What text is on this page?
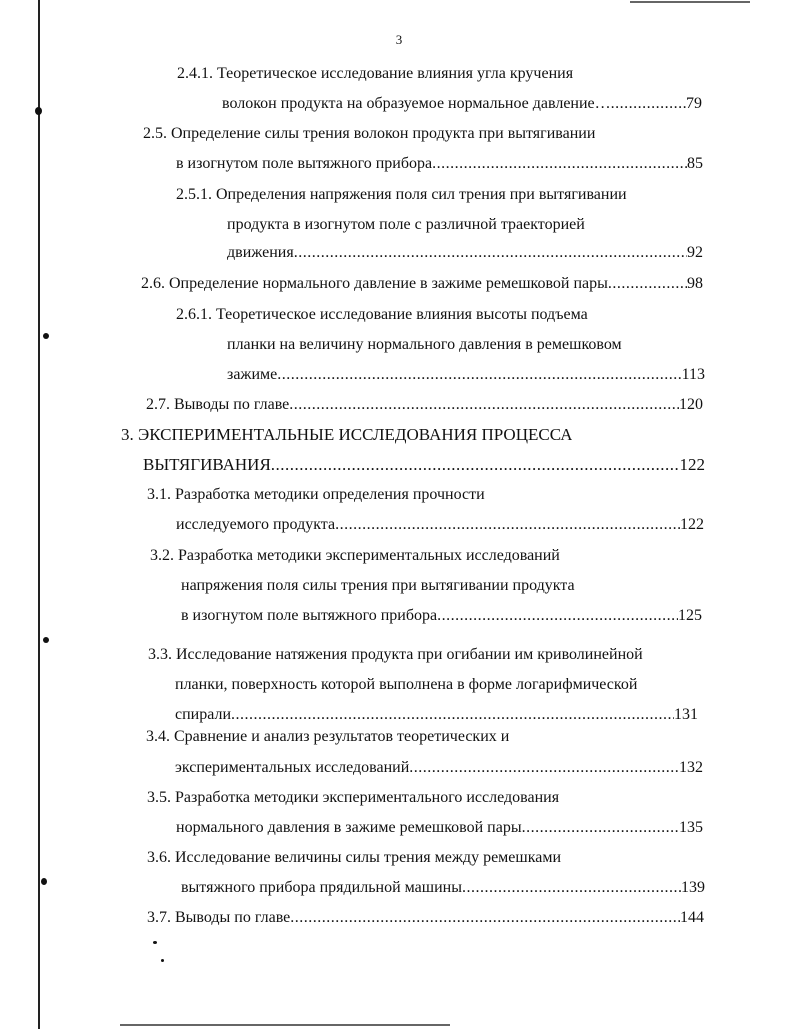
3
2.4.1. Теоретическое исследование влияния угла кручения
волокон продукта на образуемое нормальное давление… .....	79
2.5. Определение силы трения волокон продукта при вытягивании
в изогнутом поле вытяжного прибора .....	85
2.5.1. Определения напряжения поля сил трения при вытягивании
продукта в изогнутом поле с различной траекторией
движения .....	92
2.6. Определение нормального давление в зажиме ремешковой пары .....	98
2.6.1. Теоретическое исследование влияния высоты подъема
планки на величину нормального давления в ремешковом
зажиме .....	113
2.7. Выводы по главе .....	120
3. ЭКСПЕРИМЕНТАЛЬНЫЕ ИССЛЕДОВАНИЯ ПРОЦЕССА
ВЫТЯГИВАНИЯ .....	122
3.1. Разработка методики определения прочности
исследуемого продукта .....	122
3.2. Разработка методики экспериментальных исследований
напряжения поля силы трения при вытягивании продукта
в изогнутом поле вытяжного прибора .....	125
3.3. Исследование натяжения продукта при огибании им криволинейной
планки, поверхность которой выполнена в форме логарифмической
спирали .....	131
3.4. Сравнение и анализ результатов теоретических и
экспериментальных исследований .....	132
3.5. Разработка методики экспериментального исследования
нормального давления в зажиме ремешковой пары .....	135
3.6. Исследование величины силы трения между ремешками
вытяжного прибора прядильной машины .....	139
3.7. Выводы по главе .....	144
